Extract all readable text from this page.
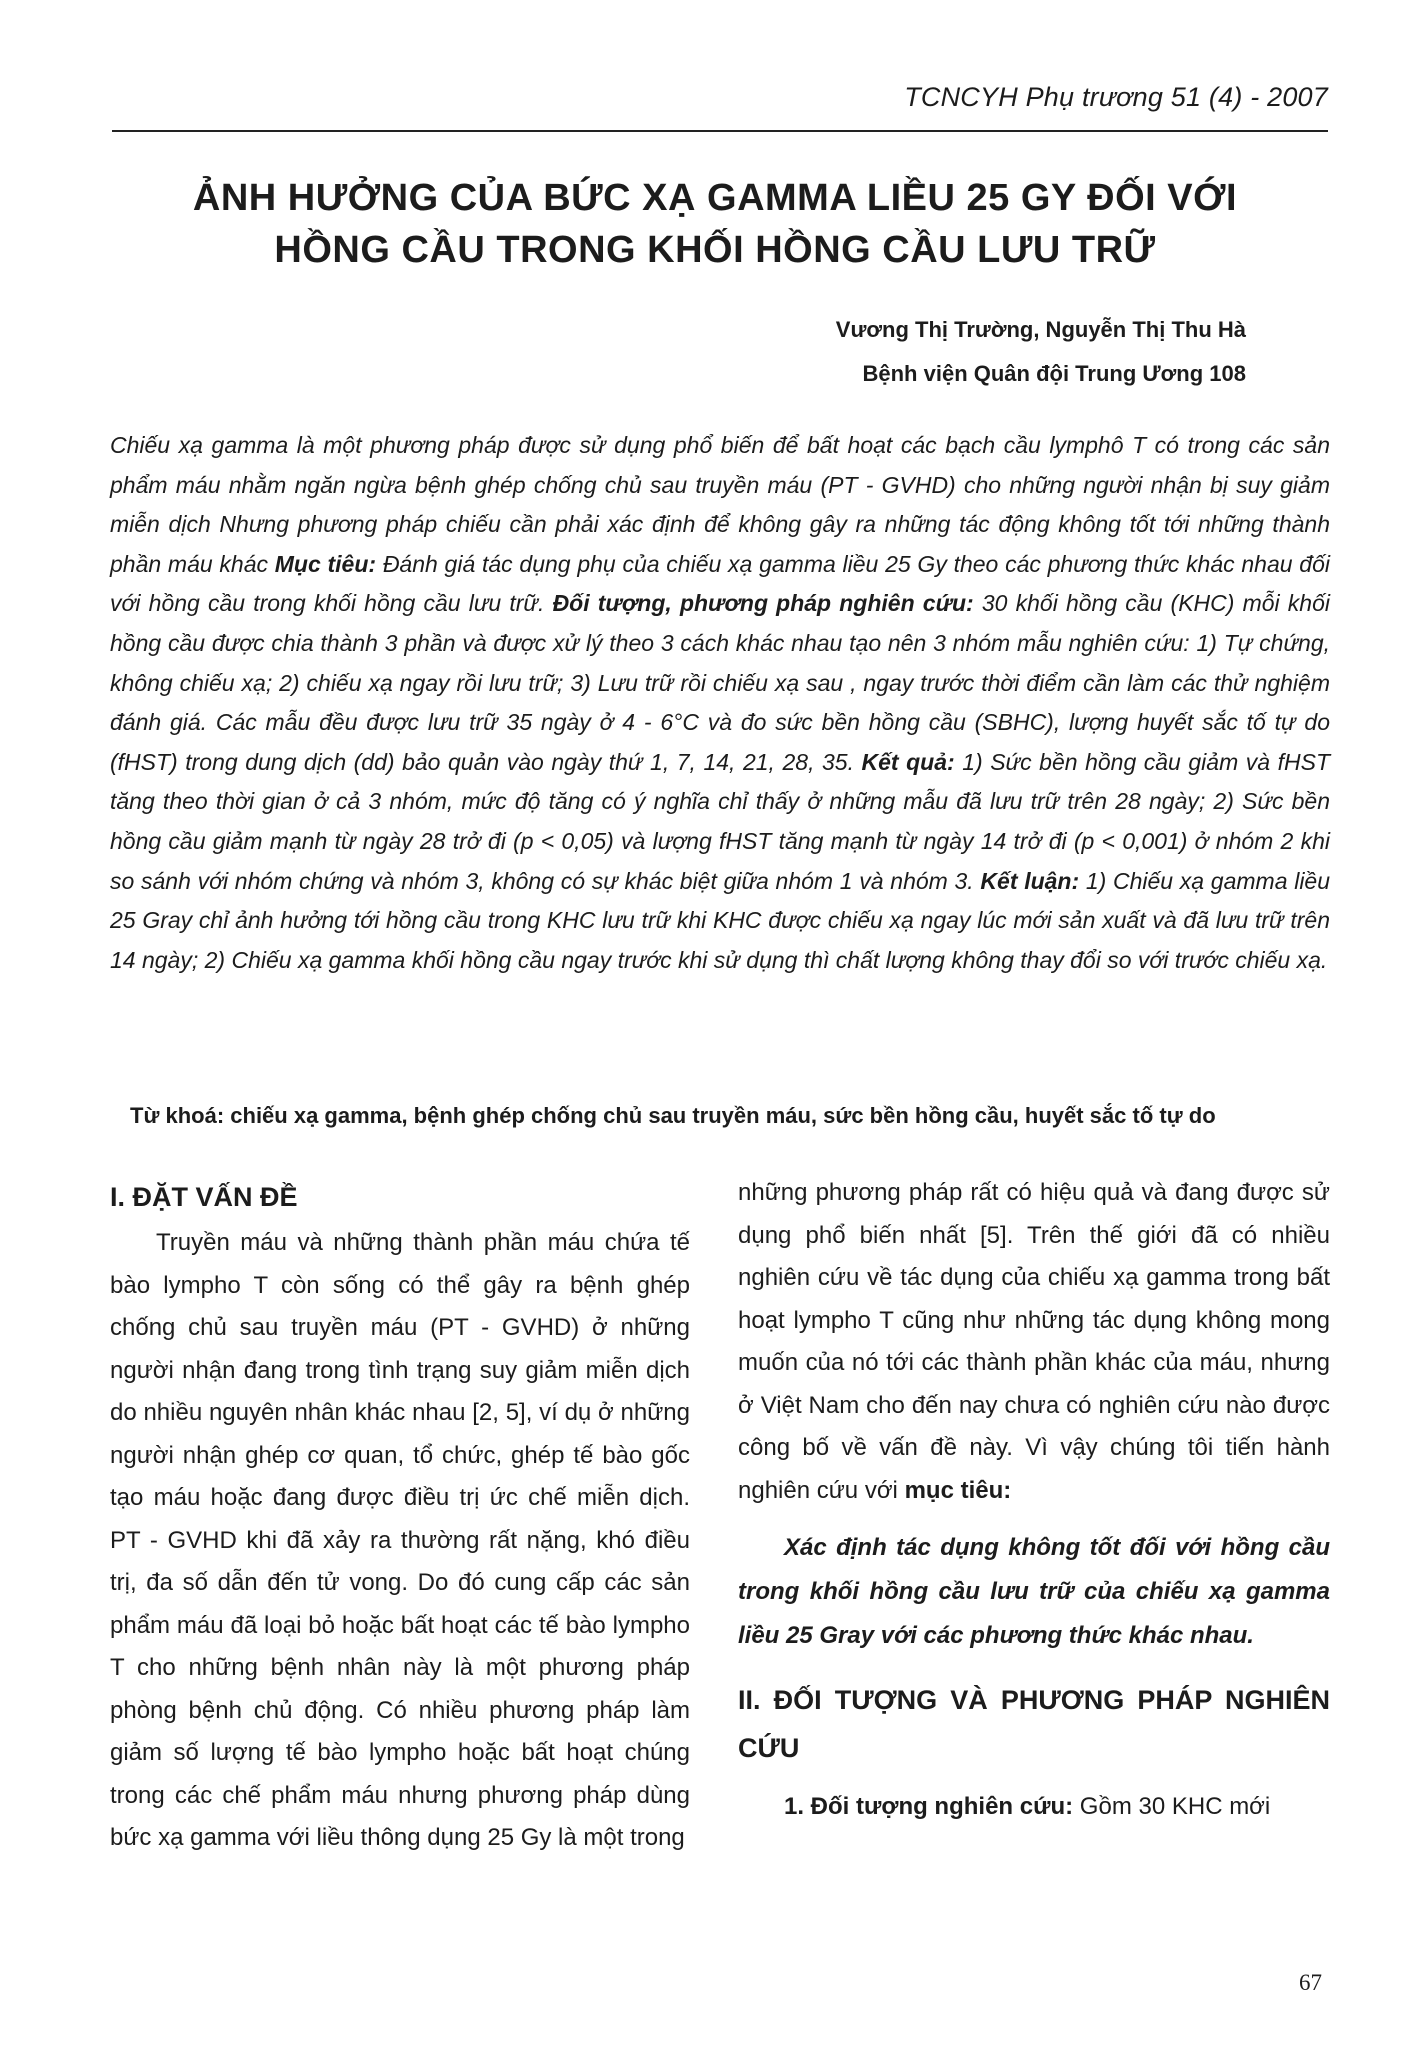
TCNCYH Phụ trương 51 (4) - 2007
ẢNH HƯỞNG CỦA BỨC XẠ GAMMA LIỀU 25 GY ĐỐI VỚI
HỒNG CẦU TRONG KHỐI HỒNG CẦU LƯU TRỮ
Vương Thị Trường, Nguyễn Thị Thu Hà
Bệnh viện Quân đội Trung Ương 108

Chiếu xạ gamma là một phương pháp được sử dụng phổ biến để bất hoạt các bạch cầu lymphô T có trong các sản phẩm máu nhằm ngăn ngừa bệnh ghép chống chủ sau truyền máu (PT - GVHD) cho những người nhận bị suy giảm miễn dịch Nhưng phương pháp chiếu cần phải xác định để không gây ra những tác động không tốt tới những thành phần máu khác Mục tiêu: Đánh giá tác dụng phụ của chiếu xạ gamma liều 25 Gy theo các phương thức khác nhau đối với hồng cầu trong khối hồng cầu lưu trữ. Đối tượng, phương pháp nghiên cứu: 30 khối hồng cầu (KHC) mỗi khối hồng cầu được chia thành 3 phần và được xử lý theo 3 cách khác nhau tạo nên 3 nhóm mẫu nghiên cứu: 1) Tự chứng, không chiếu xạ; 2) chiếu xạ ngay rồi lưu trữ; 3) Lưu trữ rồi chiếu xạ sau , ngay trước thời điểm cần làm các thử nghiệm đánh giá. Các mẫu đều được lưu trữ 35 ngày ở 4 - 6°C và đo sức bền hồng cầu (SBHC), lượng huyết sắc tố tự do (fHST) trong dung dịch (dd) bảo quản vào ngày thứ 1, 7, 14, 21, 28, 35. Kết quả: 1) Sức bền hồng cầu giảm và fHST tăng theo thời gian ở cả 3 nhóm, mức độ tăng có ý nghĩa chỉ thấy ở những mẫu đã lưu trữ trên 28 ngày; 2) Sức bền hồng cầu giảm mạnh từ ngày 28 trở đi (p < 0,05) và lượng fHST tăng mạnh từ ngày 14 trở đi (p < 0,001) ở nhóm 2 khi so sánh với nhóm chứng và nhóm 3, không có sự khác biệt giữa nhóm 1 và nhóm 3. Kết luận: 1) Chiếu xạ gamma liều 25 Gray chỉ ảnh hưởng tới hồng cầu trong KHC lưu trữ khi KHC được chiếu xạ ngay lúc mới sản xuất và đã lưu trữ trên 14 ngày; 2) Chiếu xạ gamma khối hồng cầu ngay trước khi sử dụng thì chất lượng không thay đổi so với trước chiếu xạ.

Từ khoá: chiếu xạ gamma, bệnh ghép chống chủ sau truyền máu, sức bền hồng cầu, huyết sắc tố tự do
I. ĐẶT VẤN ĐỀ

Truyền máu và những thành phần máu chứa tế bào lympho T còn sống có thể gây ra bệnh ghép chống chủ sau truyền máu (PT - GVHD) ở những người nhận đang trong tình trạng suy giảm miễn dịch do nhiều nguyên nhân khác nhau [2, 5], ví dụ ở những người nhận ghép cơ quan, tổ chức, ghép tế bào gốc tạo máu hoặc đang được điều trị ức chế miễn dịch. PT - GVHD khi đã xảy ra thường rất nặng, khó điều trị, đa số dẫn đến tử vong. Do đó cung cấp các sản phẩm máu đã loại bỏ hoặc bất hoạt các tế bào lympho T cho những bệnh nhân này là một phương pháp phòng bệnh chủ động. Có nhiều phương pháp làm giảm số lượng tế bào lympho hoặc bất hoạt chúng trong các chế phẩm máu nhưng phương pháp dùng bức xạ gamma với liều thông dụng 25 Gy là một trong

những phương pháp rất có hiệu quả và đang được sử dụng phổ biến nhất [5]. Trên thế giới đã có nhiều nghiên cứu về tác dụng của chiếu xạ gamma trong bất hoạt lympho T cũng như những tác dụng không mong muốn của nó tới các thành phần khác của máu, nhưng ở Việt Nam cho đến nay chưa có nghiên cứu nào được công bố về vấn đề này. Vì vậy chúng tôi tiến hành nghiên cứu với mục tiêu:

Xác định tác dụng không tốt đối với hồng cầu trong khối hồng cầu lưu trữ của chiếu xạ gamma liều 25 Gray với các phương thức khác nhau.

II. ĐỐI TƯỢNG VÀ PHƯƠNG PHÁP NGHIÊN CỨU

1. Đối tượng nghiên cứu: Gồm 30 KHC mới

67
